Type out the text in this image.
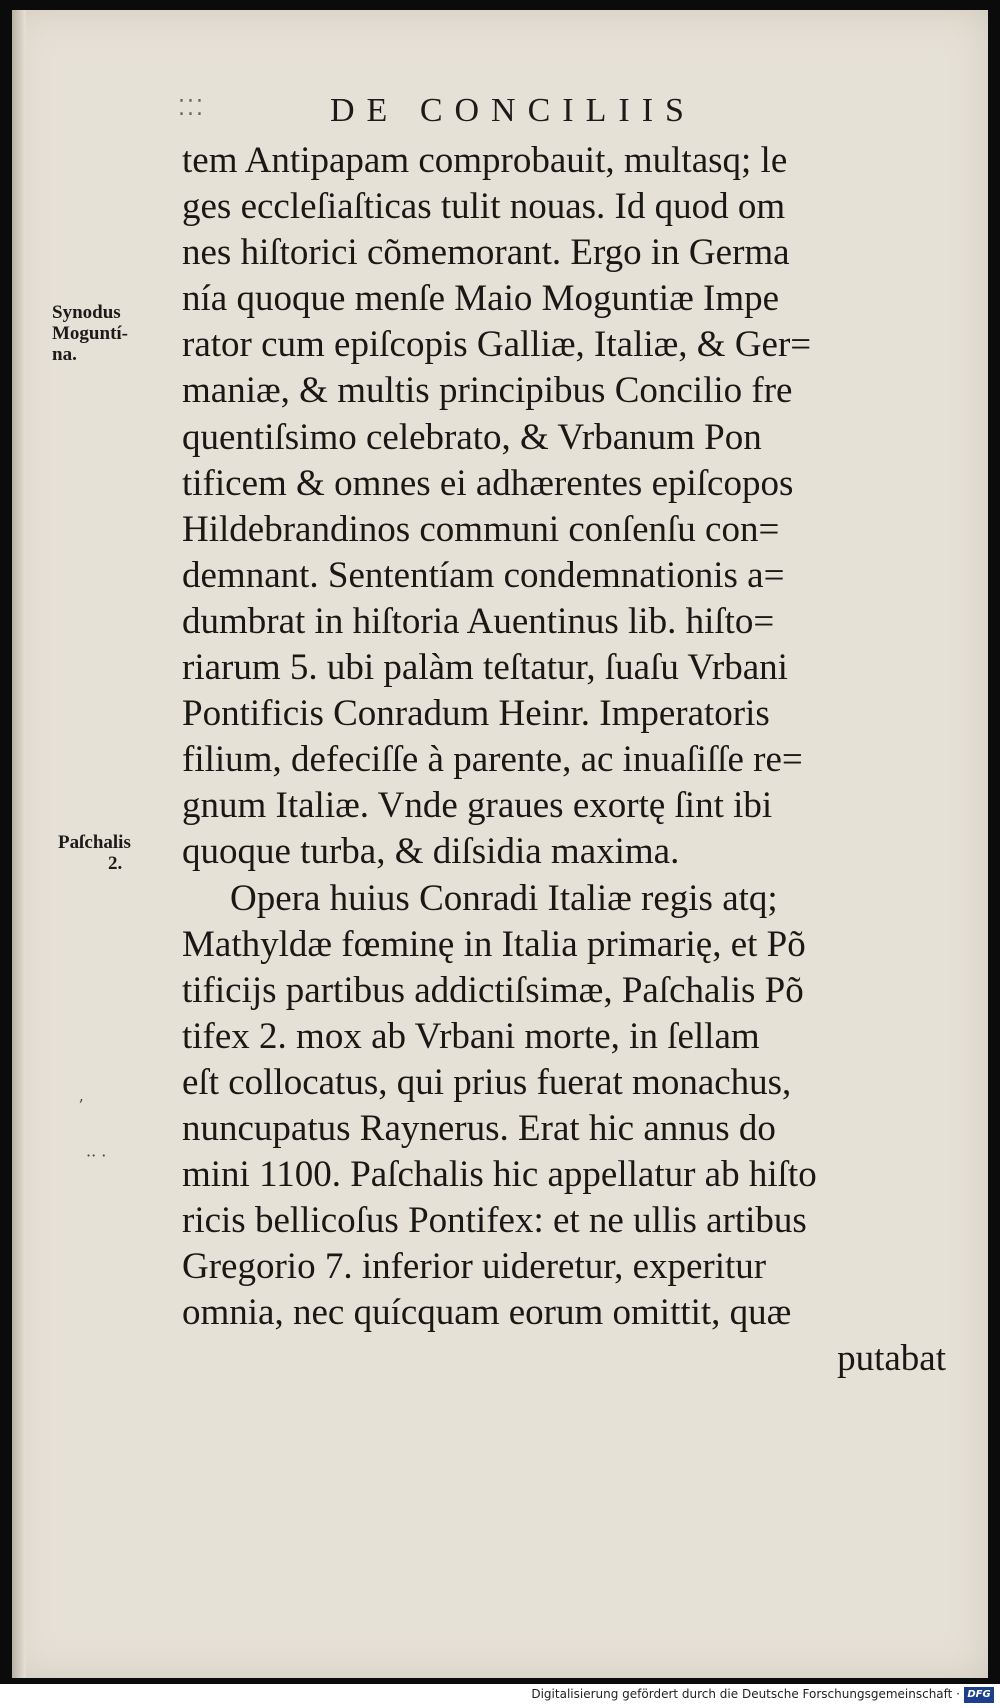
⁚⁚⁚	DE CONCILIIS
Synodus
Moguntí-
na.
Paſchalis
2.
ʼ
·· ·
tem Antipapam comprobauit, multasq; le
ges eccleſiaſticas tulit nouas. Id quod om
nes hiſtorici cõmemorant. Ergo in Germa
nía quoque menſe Maio Moguntiæ Impe
rator cum epiſcopis Galliæ, Italiæ, & Ger=
maniæ, & multis principibus Concilio fre
quentiſsimo celebrato, & Vrbanum Pon
tificem & omnes ei adhærentes epiſcopos
Hildebrandinos communi conſenſu con=
demnant. Sententíam condemnationis a=
dumbrat in hiſtoria Auentinus lib. hiſto=
riarum 5. ubi palàm teſtatur, ſuaſu Vrbani
Pontificis Conradum Heinr. Imperatoris
filium, defeciſſe à parente, ac inuaſiſſe re=
gnum Italiæ. Vnde graues exortę ſint ibi
quoque turba, & diſsidia maxima.
Opera huius Conradi Italiæ regis atq;
Mathyldæ fœminę in Italia primarię, et Põ
tificijs partibus addictiſsimæ, Paſchalis Põ
tifex 2. mox ab Vrbani morte, in ſellam
eſt collocatus, qui prius fuerat monachus,
nuncupatus Raynerus. Erat hic annus do
mini 1100. Paſchalis hic appellatur ab hiſto
ricis bellicoſus Pontifex: et ne ullis artibus
Gregorio 7. inferior uideretur, experitur
omnia, nec quícquam eorum omittit, quæ
putabat
Digitalisierung gefördert durch die Deutsche Forschungsgemeinschaft · DFG
